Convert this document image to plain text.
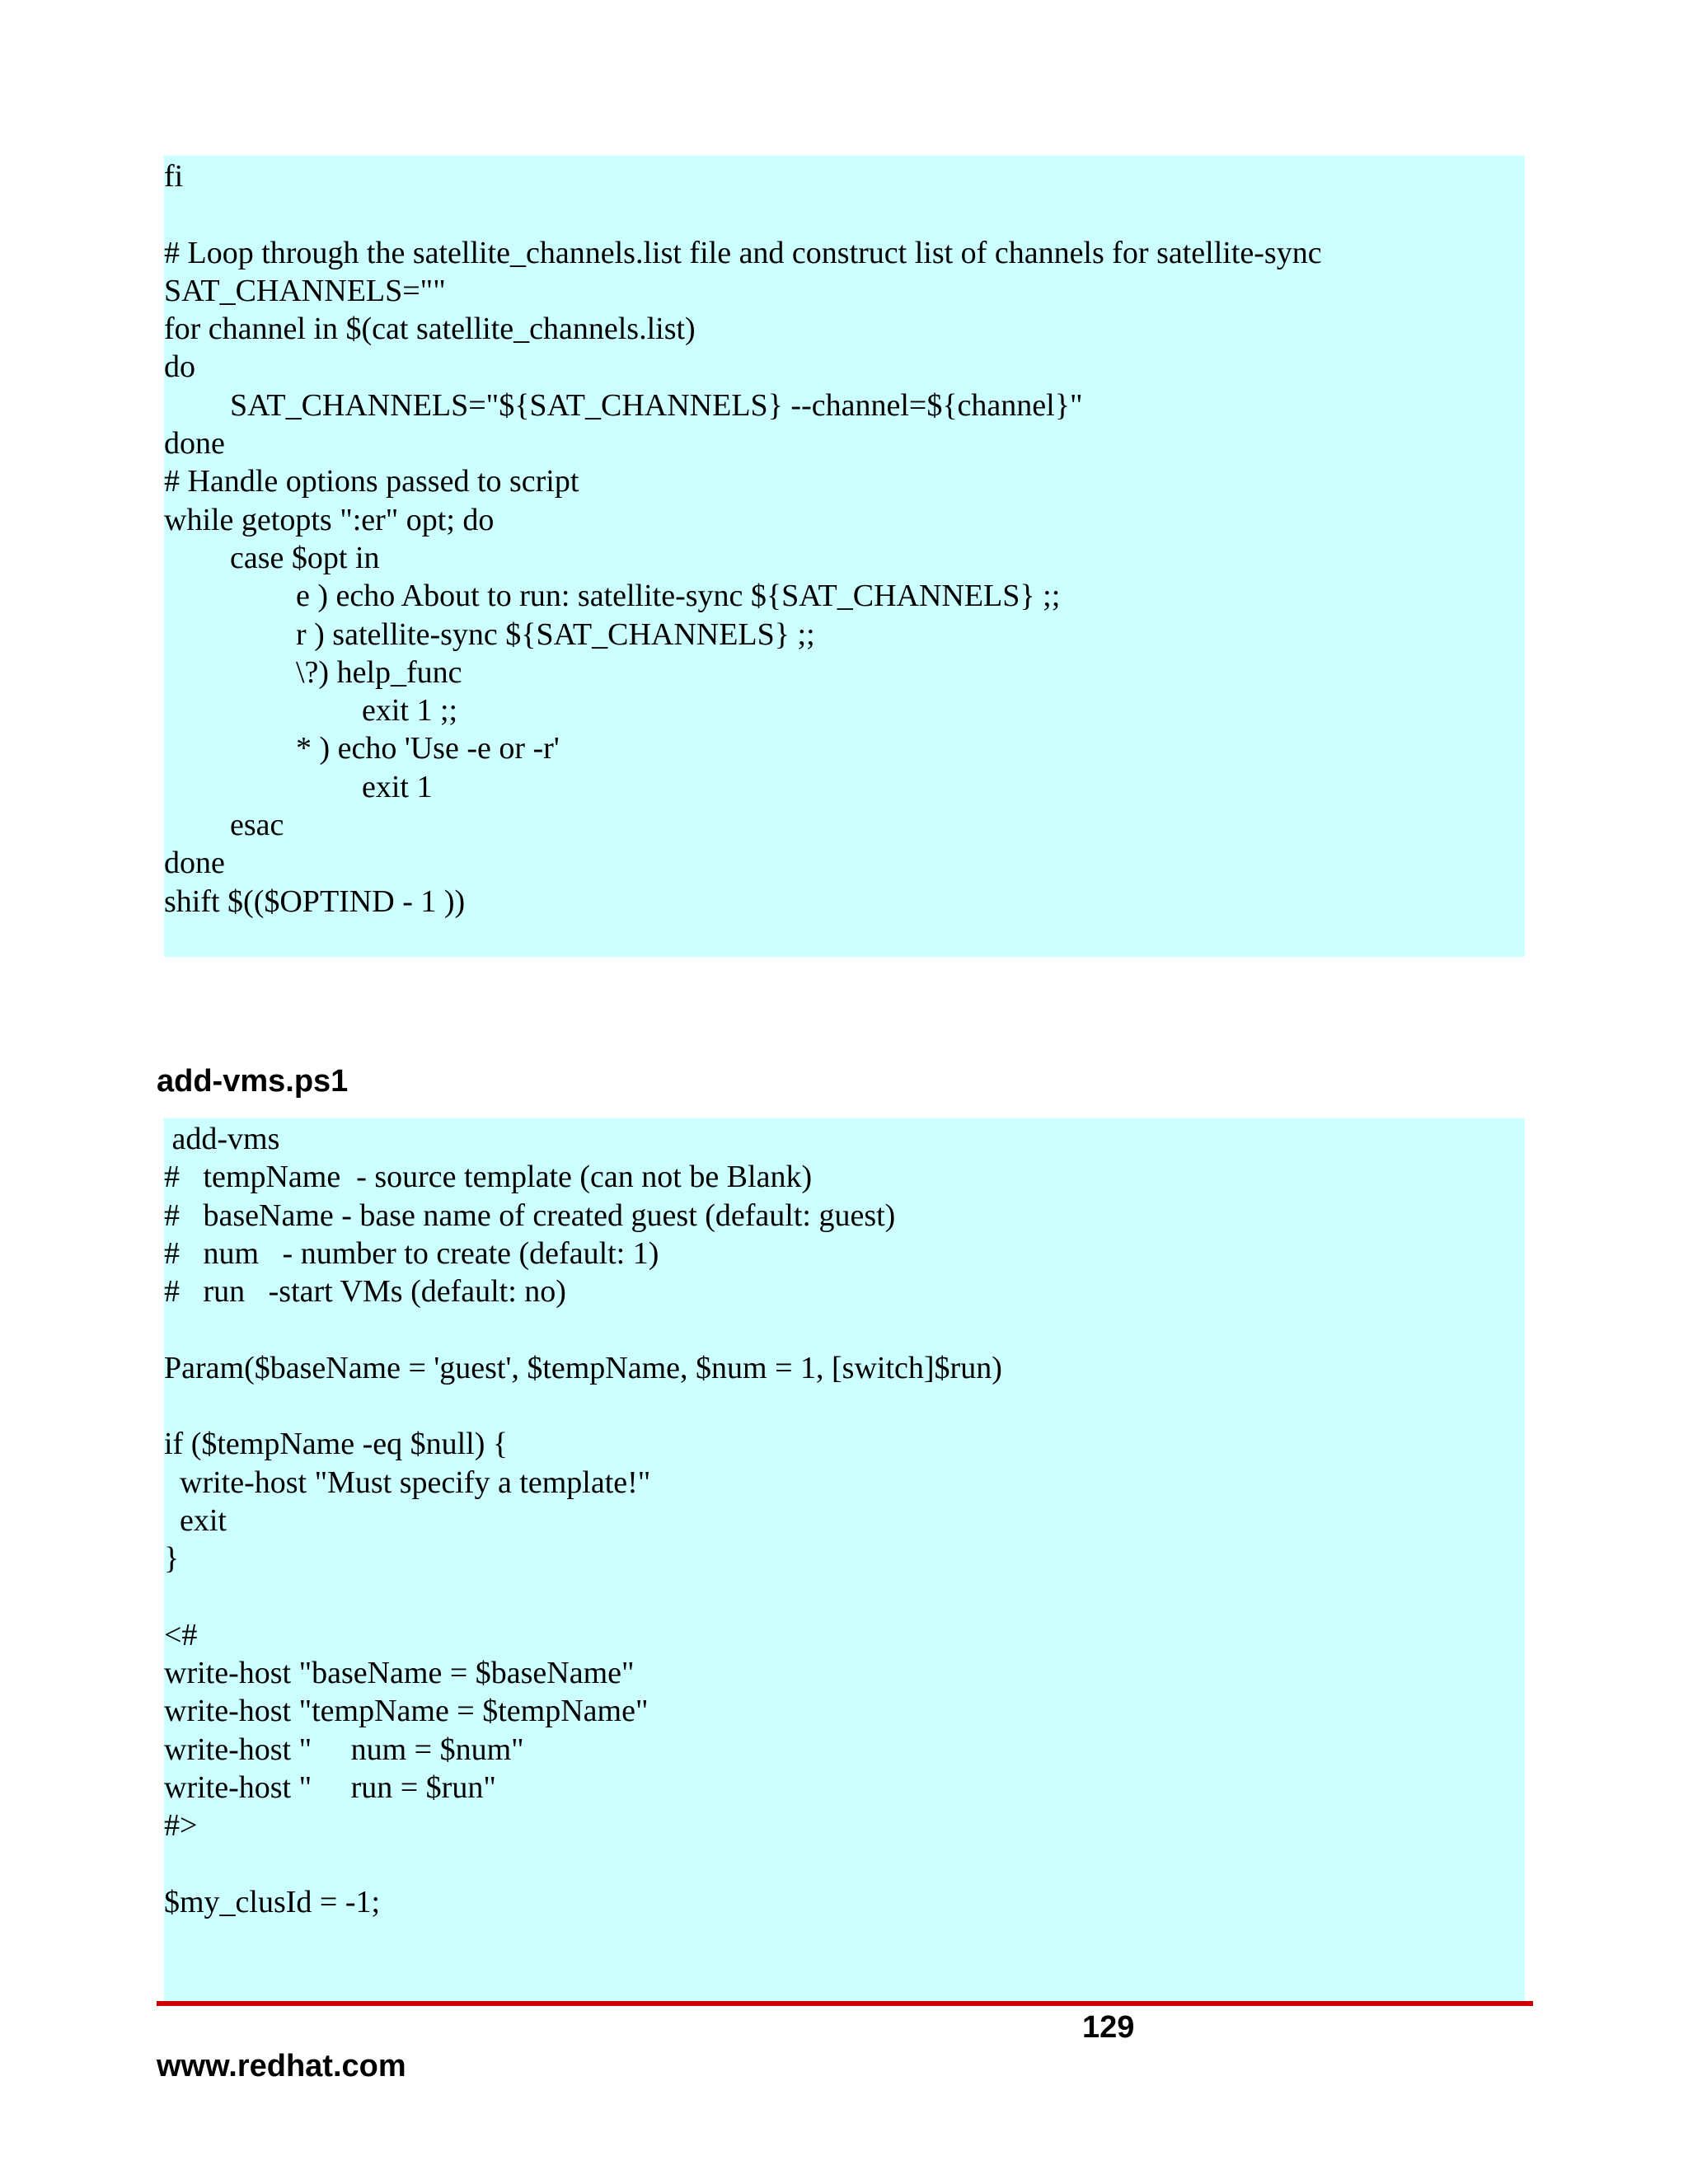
fi
# Loop through the satellite_channels.list file and construct list of channels for satellite-sync
SAT_CHANNELS=""
for channel in $(cat satellite_channels.list)
do
SAT_CHANNELS="${SAT_CHANNELS} --channel=${channel}"
done
# Handle options passed to script
while getopts ":er" opt; do
case $opt in
e ) echo About to run: satellite-sync ${SAT_CHANNELS} ;;
r ) satellite-sync ${SAT_CHANNELS} ;;
\?) help_func
exit 1 ;;
* ) echo 'Use -e or -r'
exit 1
esac
done
shift $(($OPTIND - 1 ))
add-vms.ps1
add-vms
#   tempName  - source template (can not be Blank)
#   baseName - base name of created guest (default: guest)
#   num   - number to create (default: 1)
#   run   -start VMs (default: no)
Param($baseName = 'guest', $tempName, $num = 1, [switch]$run)
if ($tempName -eq $null) {
write-host "Must specify a template!"
exit
}
<#
write-host "baseName = $baseName"
write-host "tempName = $tempName"
write-host "     num = $num"
write-host "     run = $run"
#>
$my_clusId = -1;
129
www.redhat.com
